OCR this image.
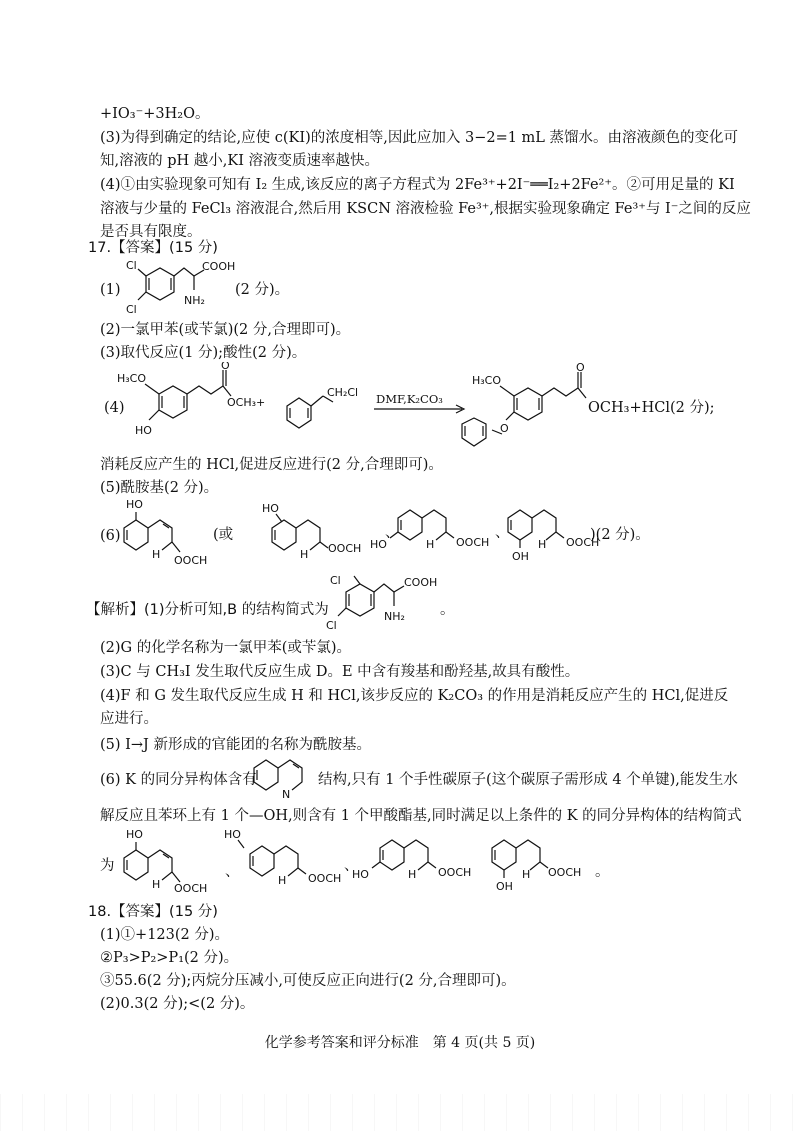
+IO₃⁻+3H₂O。
(3)为得到确定的结论,应使 c(KI)的浓度相等,因此应加入 3−2=1 mL 蒸馏水。由溶液颜色的变化可
知,溶液的 pH 越小,KI 溶液变质速率越快。
(4)①由实验现象可知有 I₂ 生成,该反应的离子方程式为 2Fe³⁺+2I⁻══I₂+2Fe²⁺。②可用足量的 KI
溶液与少量的 FeCl₃ 溶液混合,然后用 KSCN 溶液检验 Fe³⁺,根据实验现象确定 Fe³⁺与 I⁻之间的反应
是否具有限度。
17.【答案】(15 分)
(1)
Cl
Cl
COOH
NH₂
(2 分)。
(2)一氯甲苯(或苄氯)(2 分,合理即可)。
(3)取代反应(1 分);酸性(2 分)。
(4)
H₃CO
HO
O
OCH₃+
CH₂Cl DMF,K₂CO₃
H₃CO
O
O
OCH₃+HCl(2 分);
消耗反应产生的 HCl,促进反应进行(2 分,合理即可)。
(5)酰胺基(2 分)。
(6)
HO
H OOCH
(或
HO
H OOCH
、
HO	H OOCH
、
OH
H OOCH
)(2 分)。
【解析】(1)分析可知,B 的结构简式为
Cl
Cl
COOH
NH₂ 。
(2)G 的化学名称为一氯甲苯(或苄氯)。
(3)C 与 CH₃I 发生取代反应生成 D。E 中含有羧基和酚羟基,故具有酸性。
(4)F 和 G 发生取代反应生成 H 和 HCl,该步反应的 K₂CO₃ 的作用是消耗反应产生的 HCl,促进反
应进行。
(5) I→J 新形成的官能团的名称为酰胺基。
(6) K 的同分异构体含有
N
结构,只有 1 个手性碳原子(这个碳原子需形成 4 个单键),能发生水
解反应且苯环上有 1 个—OH,则含有 1 个甲酸酯基,同时满足以上条件的 K 的同分异构体的结构简式
为
HO
H OOCH
、
HO
H OOCH
、
HO	H OOCH
OH
H OOCH 。
18.【答案】(15 分)
(1)①+123(2 分)。
②P₃>P₂>P₁(2 分)。
③55.6(2 分);丙烷分压减小,可使反应正向进行(2 分,合理即可)。
(2)0.3(2 分);<(2 分)。
化学参考答案和评分标准　第 4 页(共 5 页)
